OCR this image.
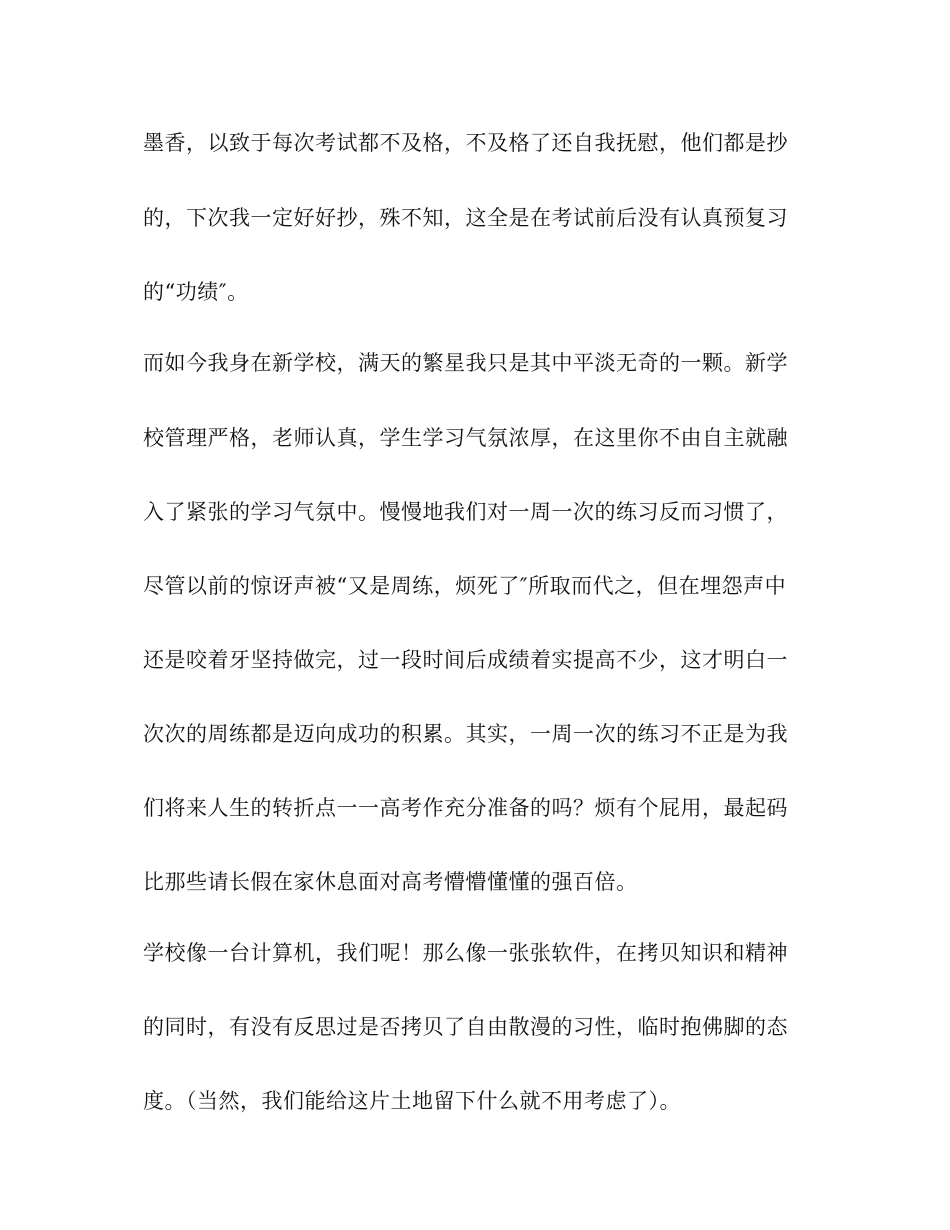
墨香，以致于每次考试都不及格，不及格了还自我抚慰，他们都是抄
的，下次我一定好好抄，殊不知，这全是在考试前后没有认真预复习
的“功绩″。
而如今我身在新学校，满天的繁星我只是其中平淡无奇的一颗。新学
校管理严格，老师认真，学生学习气氛浓厚，在这里你不由自主就融
入了紧张的学习气氛中。慢慢地我们对一周一次的练习反而习惯了，
尽管以前的惊讶声被“又是周练，烦死了″所取而代之，但在埋怨声中
还是咬着牙坚持做完，过一段时间后成绩着实提高不少，这才明白一
次次的周练都是迈向成功的积累。其实，一周一次的练习不正是为我
们将来人生的转折点一一高考作充分准备的吗？烦有个屁用，最起码
比那些请长假在家休息面对高考懵懵懂懂的强百倍。
学校像一台计算机，我们呢！那么像一张张软件，在拷贝知识和精神
的同时，有没有反思过是否拷贝了自由散漫的习性，临时抱佛脚的态
度。（当然，我们能给这片土地留下什么就不用考虑了）。
